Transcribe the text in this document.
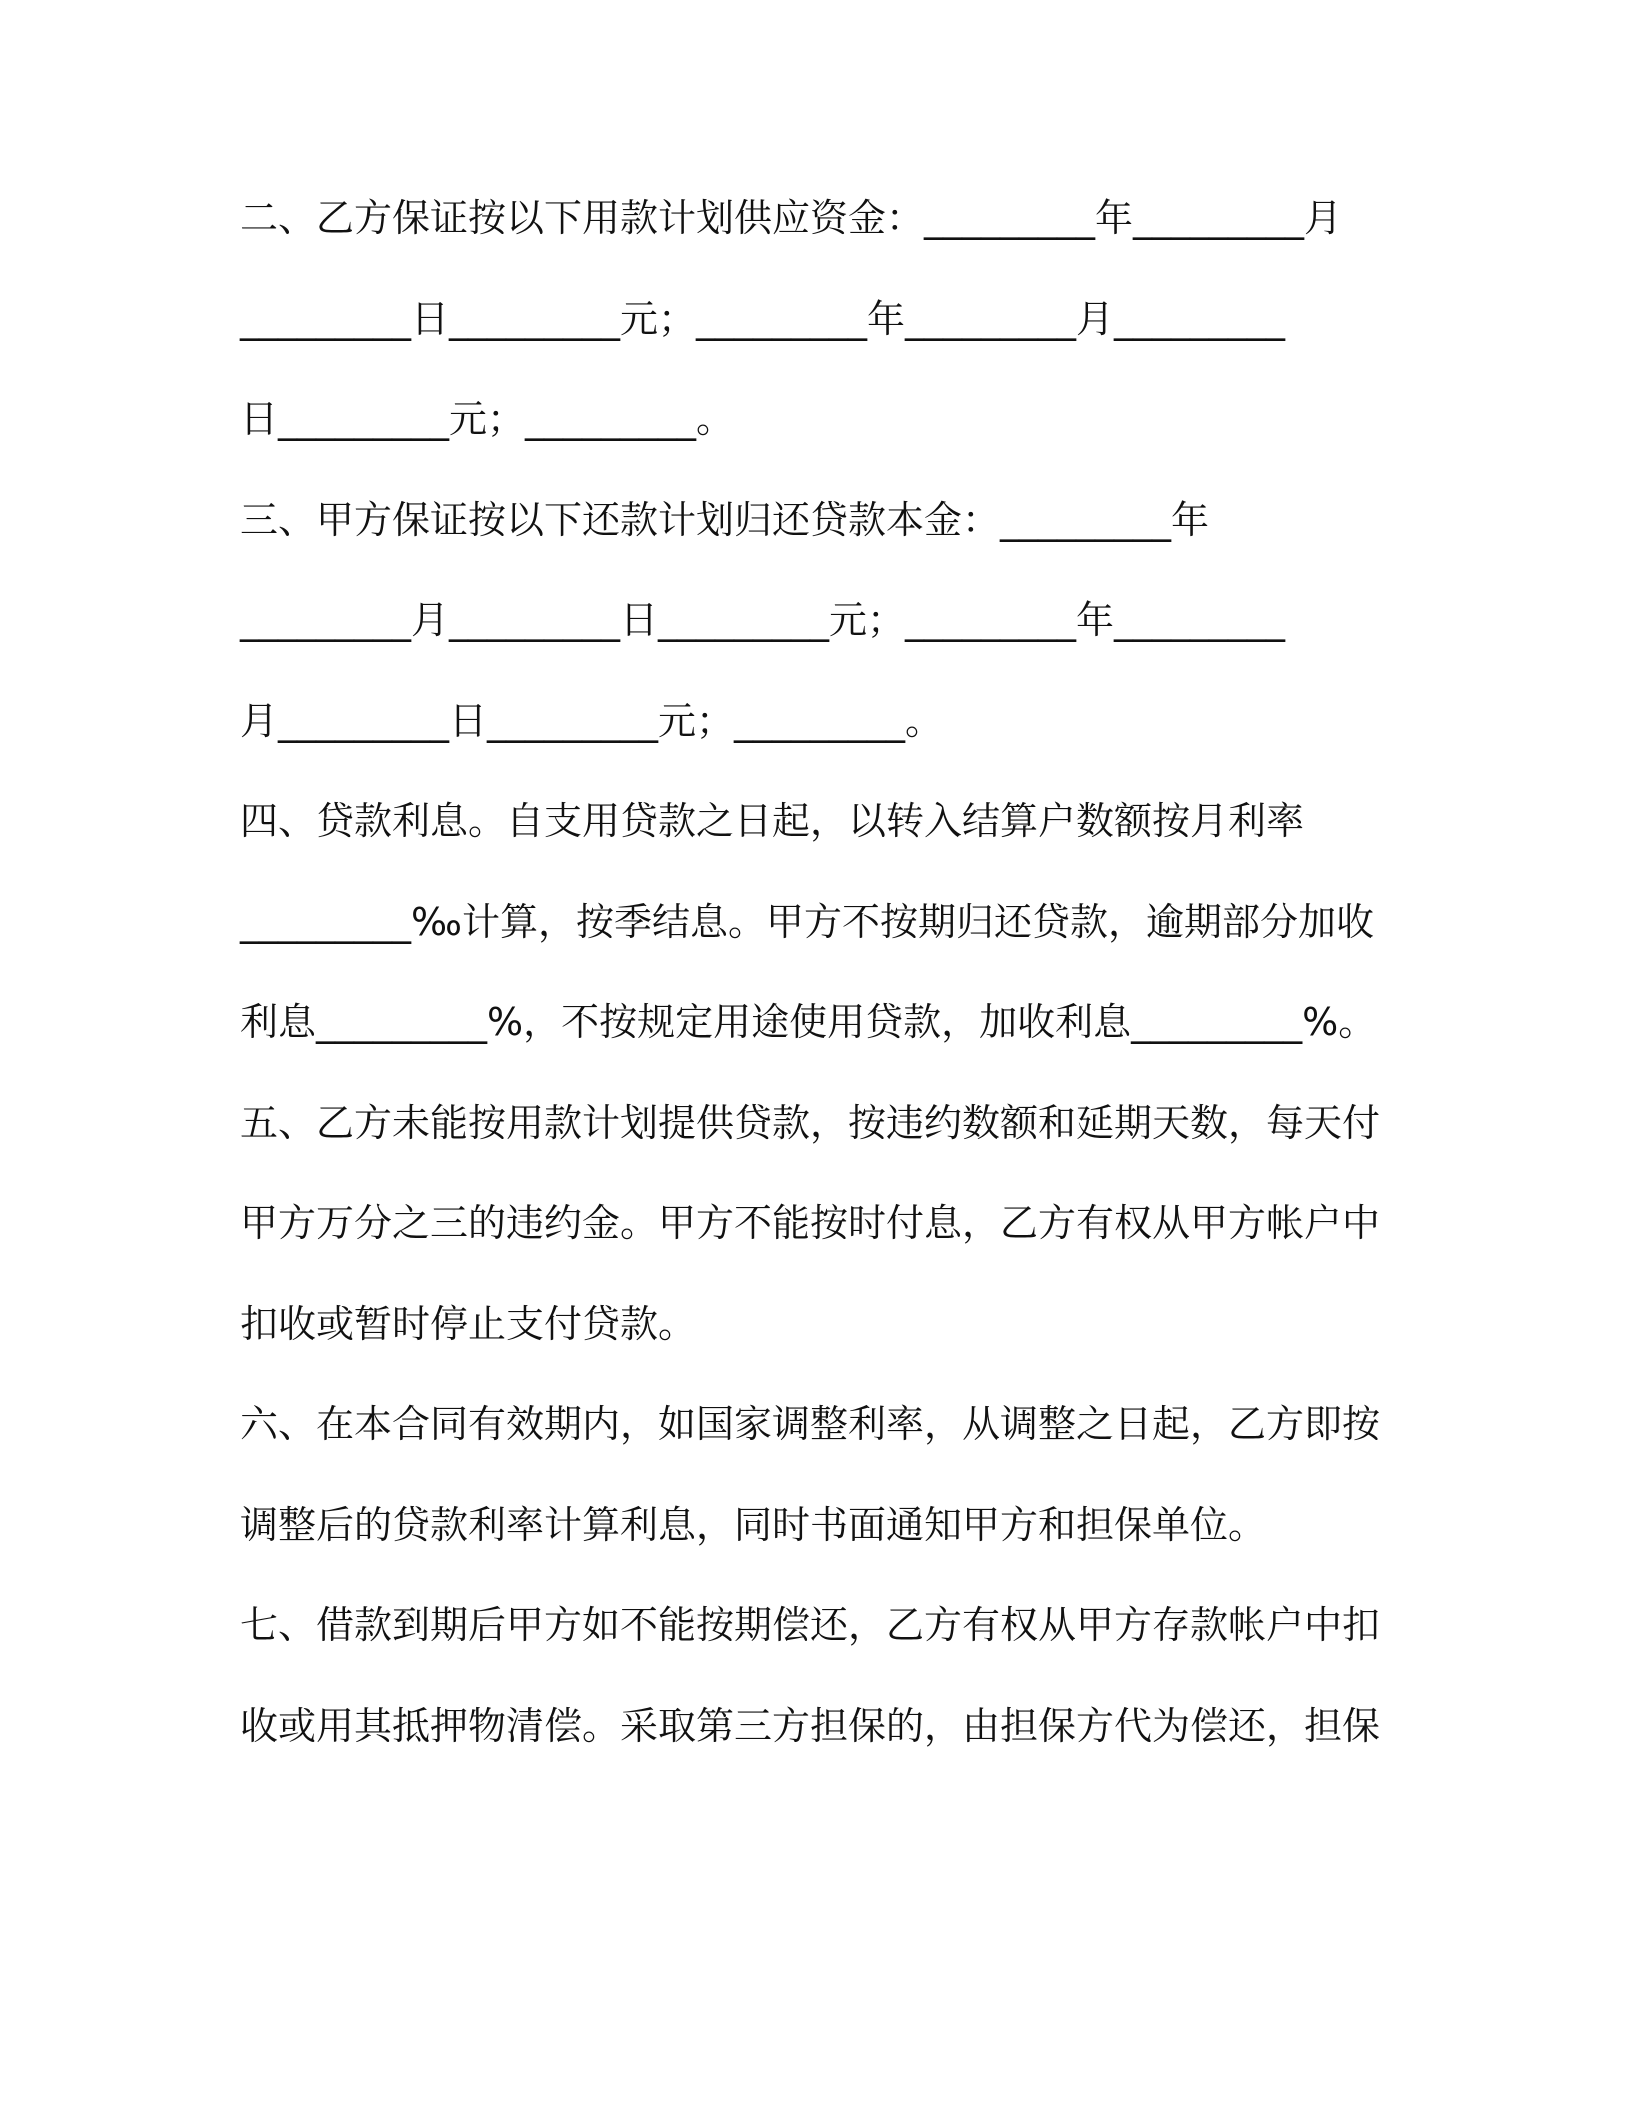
二、乙方保证按以下用款计划供应资金：_________年_________月
_________日_________元；_________年_________月_________
日_________元；_________。
三、甲方保证按以下还款计划归还贷款本金：_________年
_________月_________日_________元；_________年_________
月_________日_________元；_________。
四、贷款利息。自支用贷款之日起，以转入结算户数额按月利率
_________‰计算，按季结息。甲方不按期归还贷款，逾期部分加收
利息_________%，不按规定用途使用贷款，加收利息_________%。
五、乙方未能按用款计划提供贷款，按违约数额和延期天数，每天付
甲方万分之三的违约金。甲方不能按时付息，乙方有权从甲方帐户中
扣收或暂时停止支付贷款。
六、在本合同有效期内，如国家调整利率，从调整之日起，乙方即按
调整后的贷款利率计算利息，同时书面通知甲方和担保单位。
七、借款到期后甲方如不能按期偿还，乙方有权从甲方存款帐户中扣
收或用其抵押物清偿。采取第三方担保的，由担保方代为偿还，担保
